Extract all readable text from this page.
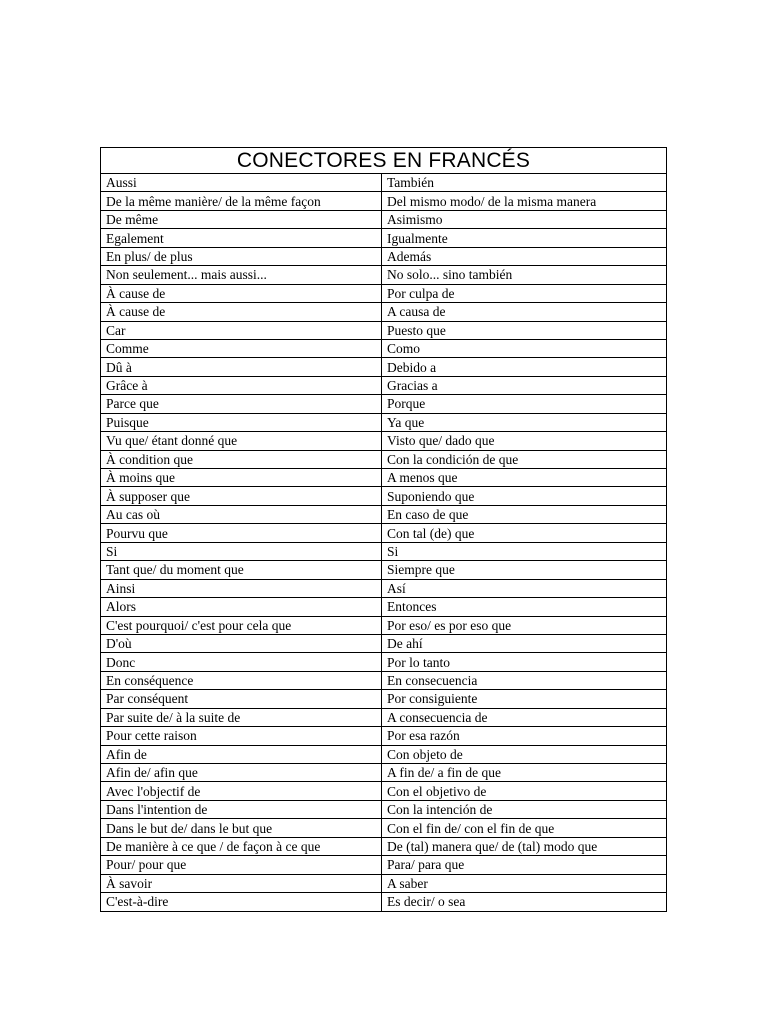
CONECTORES EN FRANCÉS	
Aussi	También
De la même manière/ de la même façon	Del mismo modo/ de la misma manera
De même	Asimismo
Egalement	Igualmente
En plus/ de plus	Además
Non seulement... mais aussi...	No solo... sino también
À cause de	Por culpa de
À cause de	A causa de
Car	Puesto que
Comme	Como
Dû à	Debido a
Grâce à	Gracias a
Parce que	Porque
Puisque	Ya que
Vu que/ étant donné que	Visto que/ dado que
À condition que	Con la condición de que
À moins que	A menos que
À supposer que	Suponiendo que
Au cas où	En caso de que
Pourvu que	Con tal (de) que
Si	Si
Tant que/ du moment que	Siempre que
Ainsi	Así
Alors	Entonces
C'est pourquoi/ c'est pour cela que	Por eso/ es por eso que
D'où	De ahí
Donc	Por lo tanto
En conséquence	En consecuencia
Par conséquent	Por consiguiente
Par suite de/ à la suite de	A consecuencia de
Pour cette raison	Por esa razón
Afin de	Con objeto de
Afin de/ afin que	A fin de/ a fin de que
Avec l'objectif de	Con el objetivo de
Dans l'intention de	Con la intención de
Dans le but de/ dans le but que	Con el fin de/ con el fin de que
De manière à ce que / de façon à ce que	De (tal) manera que/ de (tal) modo que
Pour/ pour que	Para/ para que
À savoir	A saber
C'est-à-dire	Es decir/ o sea
